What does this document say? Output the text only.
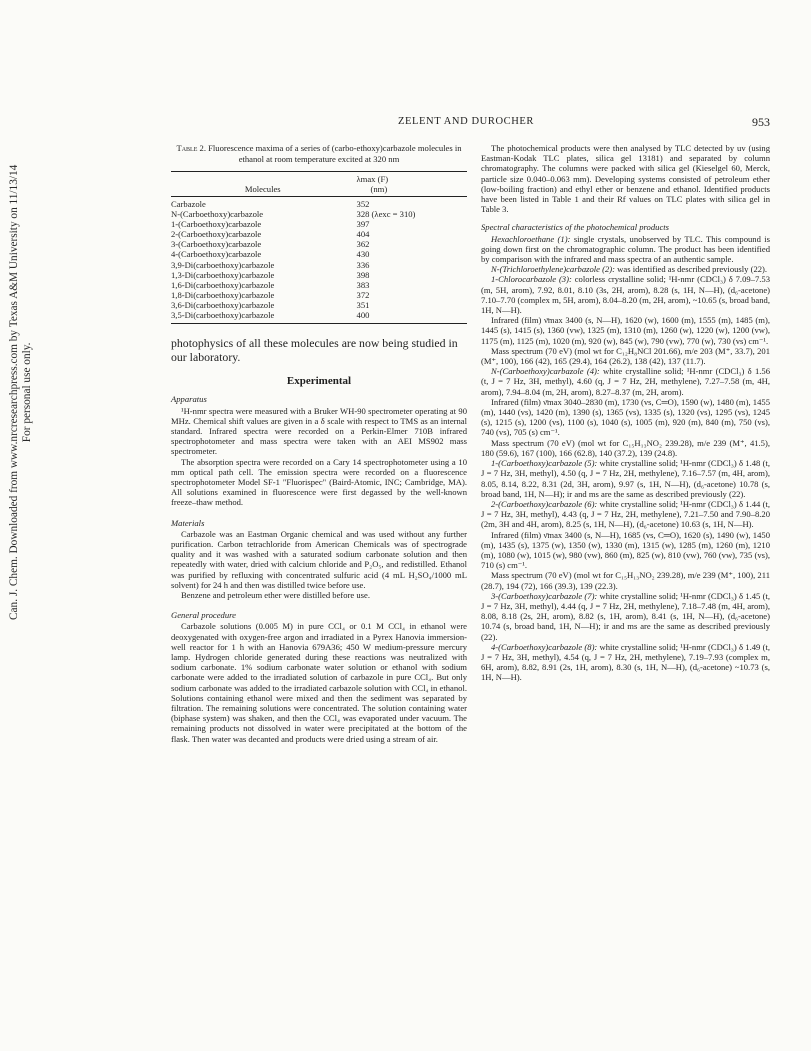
ZELENT AND DUROCHER	953
Can. J. Chem. Downloaded from www.nrcresearchpress.com by Texas A&M University on 11/13/14 For personal use only.
Table 2. Fluorescence maxima of a series of (carbo-ethoxy)carbazole molecules in ethanol at room temperature excited at 320 nm
Molecules	λmax (F)
(nm)

Carbazole	352
N-(Carboethoxy)carbazole	328 (λexc = 310)
1-(Carboethoxy)carbazole	397
2-(Carboethoxy)carbazole	404
3-(Carboethoxy)carbazole	362
4-(Carboethoxy)carbazole	430
3,9-Di(carboethoxy)carbazole	336
1,3-Di(carboethoxy)carbazole	398
1,6-Di(carboethoxy)carbazole	383
1,8-Di(carboethoxy)carbazole	372
3,6-Di(carboethoxy)carbazole	351
3,5-Di(carboethoxy)carbazole	400
photophysics of all these molecules are now being studied in our laboratory.
Experimental
Apparatus

¹H-nmr spectra were measured with a Bruker WH-90 spectrometer operating at 90 MHz. Chemical shift values are given in a δ scale with respect to TMS as an internal standard. Infrared spectra were recorded on a Perkin-Elmer 710B infrared spectrophotometer and mass spectra were taken with an AEI MS902 mass spectrometer.

The absorption spectra were recorded on a Cary 14 spectrophotometer using a 10 mm optical path cell. The emission spectra were recorded on a fluorescence spectrophotometer Model SF-1 "Fluorispec" (Baird-Atomic, INC; Cambridge, MA). All solutions examined in fluorescence were first degassed by the well-known freeze–thaw method.

Materials

Carbazole was an Eastman Organic chemical and was used without any further purification. Carbon tetrachloride from American Chemicals was of spectrograde quality and it was washed with a saturated sodium carbonate solution and then repeatedly with water, dried with calcium chloride and P₂O₅, and redistilled. Ethanol was purified by refluxing with concentrated sulfuric acid (4 mL H₂SO₄/1000 mL solvent) for 24 h and then was distilled twice before use.

Benzene and petroleum ether were distilled before use.

General procedure

Carbazole solutions (0.005 M) in pure CCl₄ or 0.1 M CCl₄ in ethanol were deoxygenated with oxygen-free argon and irradiated in a Pyrex Hanovia immersion-well reactor for 1 h with an Hanovia 679A36; 450 W medium-pressure mercury lamp. Hydrogen chloride generated during these reactions was neutralized with sodium carbonate. 1% sodium carbonate water solution or ethanol with sodium carbonate were added to the irradiated solution of carbazole in pure CCl₄. But only sodium carbonate was added to the irradiated carbazole solution with CCl₄ in ethanol. Solutions containing ethanol were mixed and then the sediment was separated by filtration. The remaining solutions were concentrated. The solution containing water (biphase system) was shaken, and then the CCl₄ was evaporated under vacuum. The remaining products not dissolved in water were precipitated at the bottom of the flask. Then water was decanted and products were dried using a stream of air.

The photochemical products were then analysed by TLC detected by uv (using Eastman-Kodak TLC plates, silica gel 13181) and separated by column chromatography. The columns were packed with silica gel (Kieselgel 60, Merck, particle size 0.040–0.063 mm). Developing systems consisted of petroleum ether (low-boiling fraction) and ethyl ether or benzene and ethanol. Identified products have been listed in Table 1 and their Rf values on TLC plates with silica gel in Table 3.

Spectral characteristics of the photochemical products

Hexachloroethane (1): single crystals, unobserved by TLC. This compound is going down first on the chromatographic column. The product has been identified by comparison with the infrared and mass spectra of an authentic sample.

N-(Trichloroethylene)carbazole (2): was identified as described previously (22).

1-Chlorocarbazole (3): colorless crystalline solid; ¹H-nmr (CDCl₃) δ 7.09–7.53 (m, 5H, arom), 7.92, 8.01, 8.10 (3s, 2H, arom), 8.28 (s, 1H, N—H), (d₆-acetone) 7.10–7.70 (complex m, 5H, arom), 8.04–8.20 (m, 2H, arom), ~10.65 (s, broad band, 1H, N—H).

Infrared (film) ν̄max 3400 (s, N—H), 1620 (w), 1600 (m), 1555 (m), 1485 (m), 1445 (s), 1415 (s), 1360 (vw), 1325 (m), 1310 (m), 1260 (w), 1220 (w), 1200 (vw), 1175 (m), 1125 (m), 1020 (m), 920 (w), 845 (w), 790 (vw), 770 (w), 730 (vs) cm⁻¹.

Mass spectrum (70 eV) (mol wt for C₁₂H₈NCl 201.66), m/e 203 (M⁺, 33.7), 201 (M⁺, 100), 166 (42), 165 (29.4), 164 (26.2), 138 (42), 137 (11.7).

N-(Carboethoxy)carbazole (4): white crystalline solid; ¹H-nmr (CDCl₃) δ 1.56 (t, J = 7 Hz, 3H, methyl), 4.60 (q, J = 7 Hz, 2H, methylene), 7.27–7.58 (m, 4H, arom), 7.94–8.04 (m, 2H, arom), 8.27–8.37 (m, 2H, arom).

Infrared (film) ν̄max 3040–2830 (m), 1730 (vs, C═O), 1590 (w), 1480 (m), 1455 (m), 1440 (vs), 1420 (m), 1390 (s), 1365 (vs), 1335 (s), 1320 (vs), 1295 (vs), 1245 (s), 1215 (s), 1200 (vs), 1100 (s), 1040 (s), 1005 (m), 920 (m), 840 (m), 750 (vs), 740 (vs), 705 (s) cm⁻¹.

Mass spectrum (70 eV) (mol wt for C₁₅H₁₃NO₂ 239.28), m/e 239 (M⁺, 41.5), 180 (59.6), 167 (100), 166 (62.8), 140 (37.2), 139 (24.8).

1-(Carboethoxy)carbazole (5): white crystalline solid; ¹H-nmr (CDCl₃) δ 1.48 (t, J = 7 Hz, 3H, methyl), 4.50 (q, J = 7 Hz, 2H, methylene), 7.16–7.57 (m, 4H, arom), 8.05, 8.14, 8.22, 8.31 (2d, 3H, arom), 9.97 (s, 1H, N—H), (d₆-acetone) 10.78 (s, broad band, 1H, N—H); ir and ms are the same as described previously (22).

2-(Carboethoxy)carbazole (6): white crystalline solid; ¹H-nmr (CDCl₃) δ 1.44 (t, J = 7 Hz, 3H, methyl), 4.43 (q, J = 7 Hz, 2H, methylene), 7.21–7.50 and 7.90–8.20 (2m, 3H and 4H, arom), 8.25 (s, 1H, N—H), (d₆-acetone) 10.63 (s, 1H, N—H).

Infrared (film) ν̄max 3400 (s, N—H), 1685 (vs, C═O), 1620 (s), 1490 (w), 1450 (m), 1435 (s), 1375 (w), 1350 (w), 1330 (m), 1315 (w), 1285 (m), 1260 (m), 1210 (m), 1080 (w), 1015 (w), 980 (vw), 860 (m), 825 (w), 810 (vw), 760 (vw), 735 (vs), 710 (s) cm⁻¹.

Mass spectrum (70 eV) (mol wt for C₁₅H₁₃NO₂ 239.28), m/e 239 (M⁺, 100), 211 (28.7), 194 (72), 166 (39.3), 139 (22.3).

3-(Carboethoxy)carbazole (7): white crystalline solid; ¹H-nmr (CDCl₃) δ 1.45 (t, J = 7 Hz, 3H, methyl), 4.44 (q, J = 7 Hz, 2H, methylene), 7.18–7.48 (m, 4H, arom), 8.08, 8.18 (2s, 2H, arom), 8.82 (s, 1H, arom), 8.41 (s, 1H, N—H), (d₆-acetone) 10.74 (s, broad band, 1H, N—H); ir and ms are the same as described previously (22).

4-(Carboethoxy)carbazole (8): white crystalline solid; ¹H-nmr (CDCl₃) δ 1.49 (t, J = 7 Hz, 3H, methyl), 4.54 (q, J = 7 Hz, 2H, methylene), 7.19–7.93 (complex m, 6H, arom), 8.82, 8.91 (2s, 1H, arom), 8.30 (s, 1H, N—H), (d₆-acetone) ~10.73 (s, 1H, N—H).
